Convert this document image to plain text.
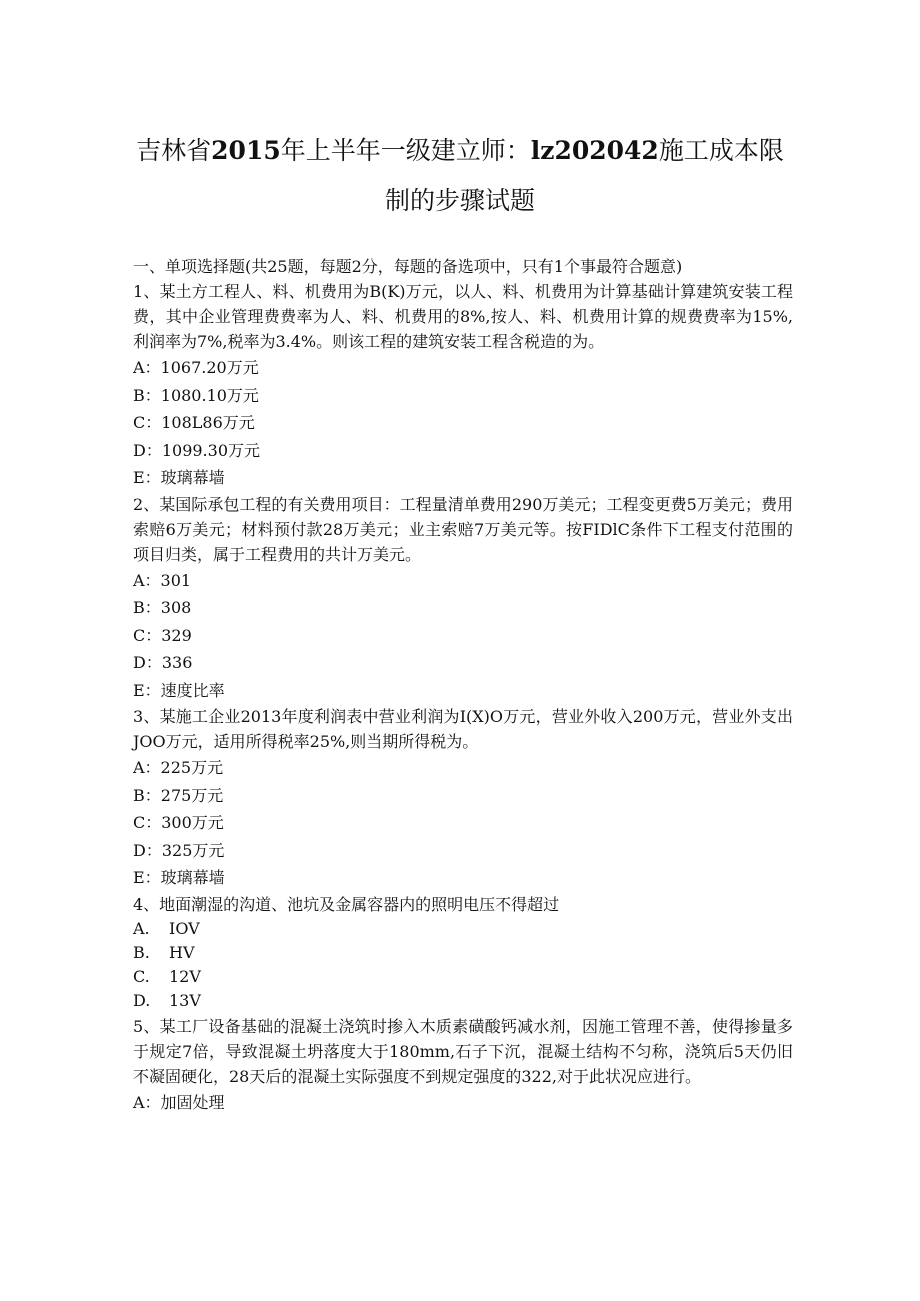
吉林省2015年上半年一级建立师：lz202042施工成本限
制的步骤试题
一、单项选择题(共25题，每题2分，每题的备选项中，只有1个事最符合题意)
1、某土方工程人、料、机费用为B(K)万元，以人、料、机费用为计算基础计算建筑安装工程费，其中企业管理费费率为人、料、机费用的8%,按人、料、机费用计算的规费费率为15%,利润率为7%,税率为3.4%。则该工程的建筑安装工程含税造的为。
A：1067.20万元
B：1080.10万元
C：108L86万元
D：1099.30万元
E：玻璃幕墙
2、某国际承包工程的有关费用项目：工程量清单费用290万美元；工程变更费5万美元；费用索赔6万美元；材料预付款28万美元；业主索赔7万美元等。按FIDlC条件下工程支付范围的项目归类，属于工程费用的共计万美元。
A：301
B：308
C：329
D：336
E：速度比率
3、某施工企业2013年度利润表中营业利润为I(X)O万元，营业外收入200万元，营业外支出JOO万元，适用所得税率25%,则当期所得税为。
A：225万元
B：275万元
C：300万元
D：325万元
E：玻璃幕墙
4、地面潮湿的沟道、池坑及金属容器内的照明电压不得超过
A. IOV
B. HV
C. 12V
D. 13V
5、某工厂设备基础的混凝土浇筑时掺入木质素磺酸钙减水剂，因施工管理不善，使得掺量多于规定7倍，导致混凝土坍落度大于180mm,石子下沉，混凝土结构不匀称，浇筑后5天仍旧不凝固硬化，28天后的混凝土实际强度不到规定强度的322,对于此状况应进行。
A：加固处理
